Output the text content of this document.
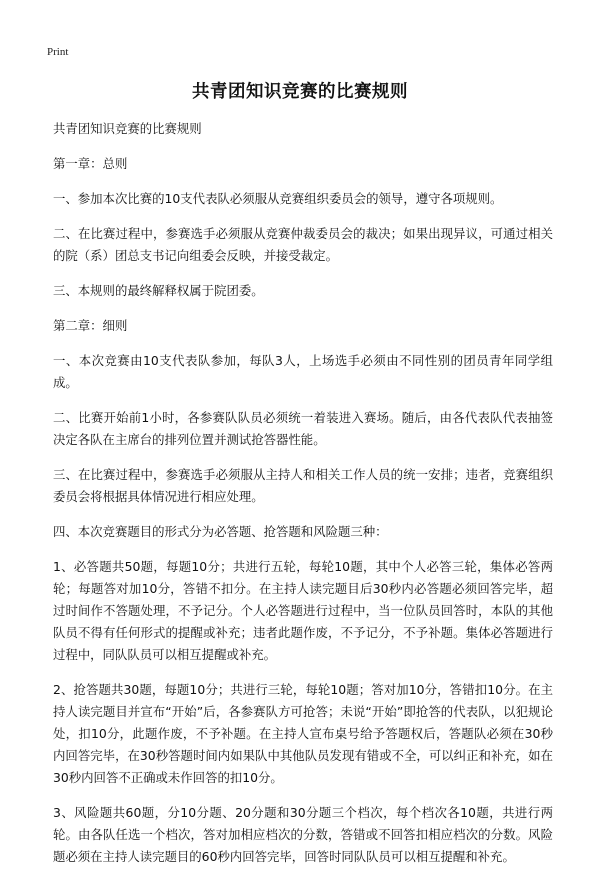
Print
共青团知识竞赛的比赛规则

共青团知识竞赛的比赛规则

第一章：总则

一、参加本次比赛的10支代表队必须服从竞赛组织委员会的领导，遵守各项规则。

二、在比赛过程中，参赛选手必须服从竞赛仲裁委员会的裁决；如果出现异议，可通过相关的院（系）团总支书记向组委会反映，并接受裁定。

三、本规则的最终解释权属于院团委。

第二章：细则

一、本次竞赛由10支代表队参加，每队3人，上场选手必须由不同性别的团员青年同学组成。

二、比赛开始前1小时，各参赛队队员必须统一着装进入赛场。随后，由各代表队代表抽签决定各队在主席台的排列位置并测试抢答器性能。

三、在比赛过程中，参赛选手必须服从主持人和相关工作人员的统一安排；违者，竞赛组织委员会将根据具体情况进行相应处理。

四、本次竞赛题目的形式分为必答题、抢答题和风险题三种：

1、必答题共50题，每题10分；共进行五轮，每轮10题，其中个人必答三轮，集体必答两轮；每题答对加10分，答错不扣分。在主持人读完题目后30秒内必答题必须回答完毕，超过时间作不答题处理，不予记分。个人必答题进行过程中，当一位队员回答时，本队的其他队员不得有任何形式的提醒或补充；违者此题作废，不予记分，不予补题。集体必答题进行过程中，同队队员可以相互提醒或补充。

2、抢答题共30题，每题10分；共进行三轮，每轮10题；答对加10分，答错扣10分。在主持人读完题目并宣布“开始”后，各参赛队方可抢答；未说“开始”即抢答的代表队，以犯规论处，扣10分，此题作废，不予补题。在主持人宣布桌号给予答题权后，答题队必须在30秒内回答完毕，在30秒答题时间内如果队中其他队员发现有错或不全，可以纠正和补充，如在30秒内回答不正确或未作回答的扣10分。

3、风险题共60题，分10分题、20分题和30分题三个档次，每个档次各10题，共进行两轮。由各队任选一个档次，答对加相应档次的分数，答错或不回答扣相应档次的分数。风险题必须在主持人读完题目的60秒内回答完毕，回答时同队队员可以相互提醒和补充。
